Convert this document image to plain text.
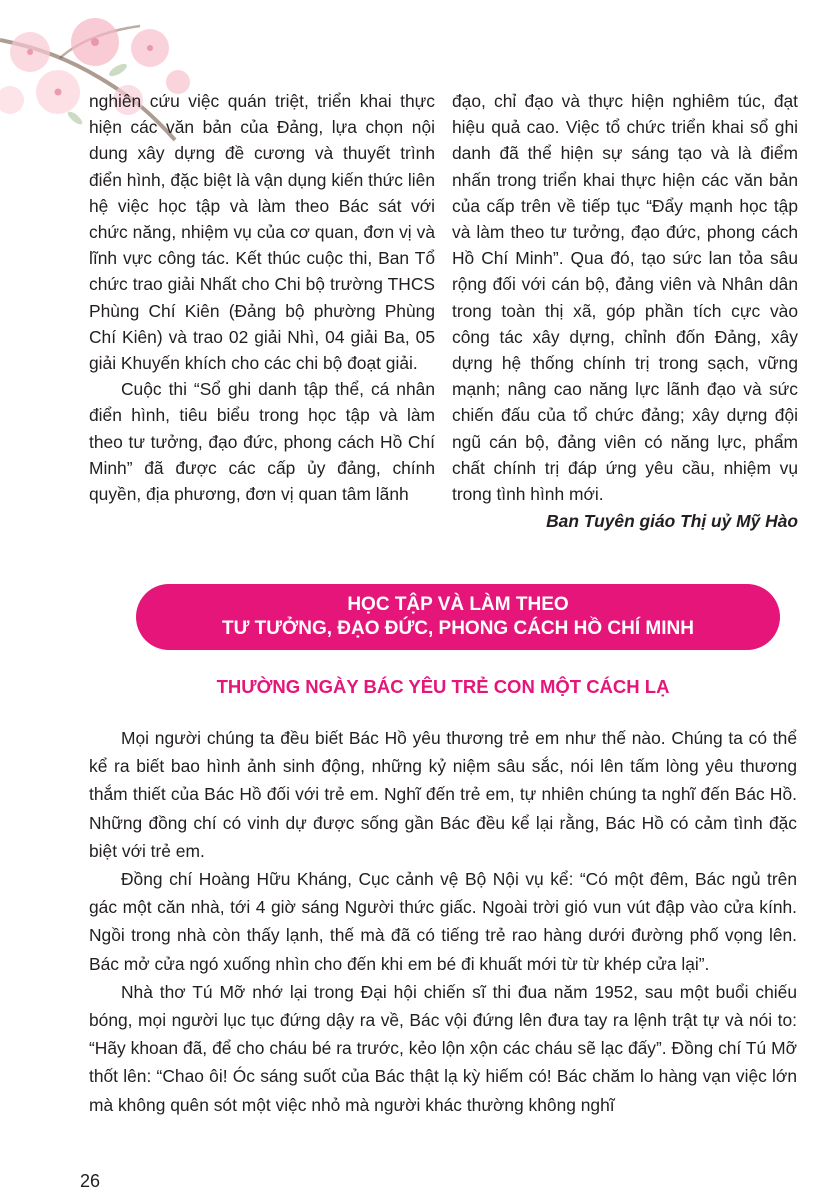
nghiên cứu việc quán triệt, triển khai thực hiện các văn bản của Đảng, lựa chọn nội dung xây dựng đề cương và thuyết trình điển hình, đặc biệt là vận dụng kiến thức liên hệ việc học tập và làm theo Bác sát với chức năng, nhiệm vụ của cơ quan, đơn vị và lĩnh vực công tác. Kết thúc cuộc thi, Ban Tổ chức trao giải Nhất cho Chi bộ trường THCS Phùng Chí Kiên (Đảng bộ phường Phùng Chí Kiên) và trao 02 giải Nhì, 04 giải Ba, 05 giải Khuyến khích cho các chi bộ đoạt giải.

Cuộc thi “Sổ ghi danh tập thể, cá nhân điển hình, tiêu biểu trong học tập và làm theo tư tưởng, đạo đức, phong cách Hồ Chí Minh” đã được các cấp ủy đảng, chính quyền, địa phương, đơn vị quan tâm lãnh

đạo, chỉ đạo và thực hiện nghiêm túc, đạt hiệu quả cao. Việc tổ chức triển khai sổ ghi danh đã thể hiện sự sáng tạo và là điểm nhấn trong triển khai thực hiện các văn bản của cấp trên về tiếp tục “Đẩy mạnh học tập và làm theo tư tưởng, đạo đức, phong cách Hồ Chí Minh”. Qua đó, tạo sức lan tỏa sâu rộng đối với cán bộ, đảng viên và Nhân dân trong toàn thị xã, góp phần tích cực vào công tác xây dựng, chỉnh đốn Đảng, xây dựng hệ thống chính trị trong sạch, vững mạnh; nâng cao năng lực lãnh đạo và sức chiến đấu của tổ chức đảng; xây dựng đội ngũ cán bộ, đảng viên có năng lực, phẩm chất chính trị đáp ứng yêu cầu, nhiệm vụ trong tình hình mới.

Ban Tuyên giáo Thị uỷ Mỹ Hào

HỌC TẬP VÀ LÀM THEO
TƯ TƯỞNG, ĐẠO ĐỨC, PHONG CÁCH HỒ CHÍ MINH
THƯỜNG NGÀY BÁC YÊU TRẺ CON MỘT CÁCH LẠ

Mọi người chúng ta đều biết Bác Hồ yêu thương trẻ em như thế nào. Chúng ta có thể kể ra biết bao hình ảnh sinh động, những kỷ niệm sâu sắc, nói lên tấm lòng yêu thương thắm thiết của Bác Hồ đối với trẻ em. Nghĩ đến trẻ em, tự nhiên chúng ta nghĩ đến Bác Hồ. Những đồng chí có vinh dự được sống gần Bác đều kể lại rằng, Bác Hồ có cảm tình đặc biệt với trẻ em.

Đồng chí Hoàng Hữu Kháng, Cục cảnh vệ Bộ Nội vụ kể: “Có một đêm, Bác ngủ trên gác một căn nhà, tới 4 giờ sáng Người thức giấc. Ngoài trời gió vun vút đập vào cửa kính. Ngồi trong nhà còn thấy lạnh, thế mà đã có tiếng trẻ rao hàng dưới đường phố vọng lên. Bác mở cửa ngó xuống nhìn cho đến khi em bé đi khuất mới từ từ khép cửa lại”.

Nhà thơ Tú Mỡ nhớ lại trong Đại hội chiến sĩ thi đua năm 1952, sau một buổi chiếu bóng, mọi người lục tục đứng dậy ra về, Bác vội đứng lên đưa tay ra lệnh trật tự và nói to: “Hãy khoan đã, để cho cháu bé ra trước, kẻo lộn xộn các cháu sẽ lạc đấy”. Đồng chí Tú Mỡ thốt lên: “Chao ôi! Óc sáng suốt của Bác thật lạ kỳ hiếm có! Bác chăm lo hàng vạn việc lớn mà không quên sót một việc nhỏ mà người khác thường không nghĩ

26
